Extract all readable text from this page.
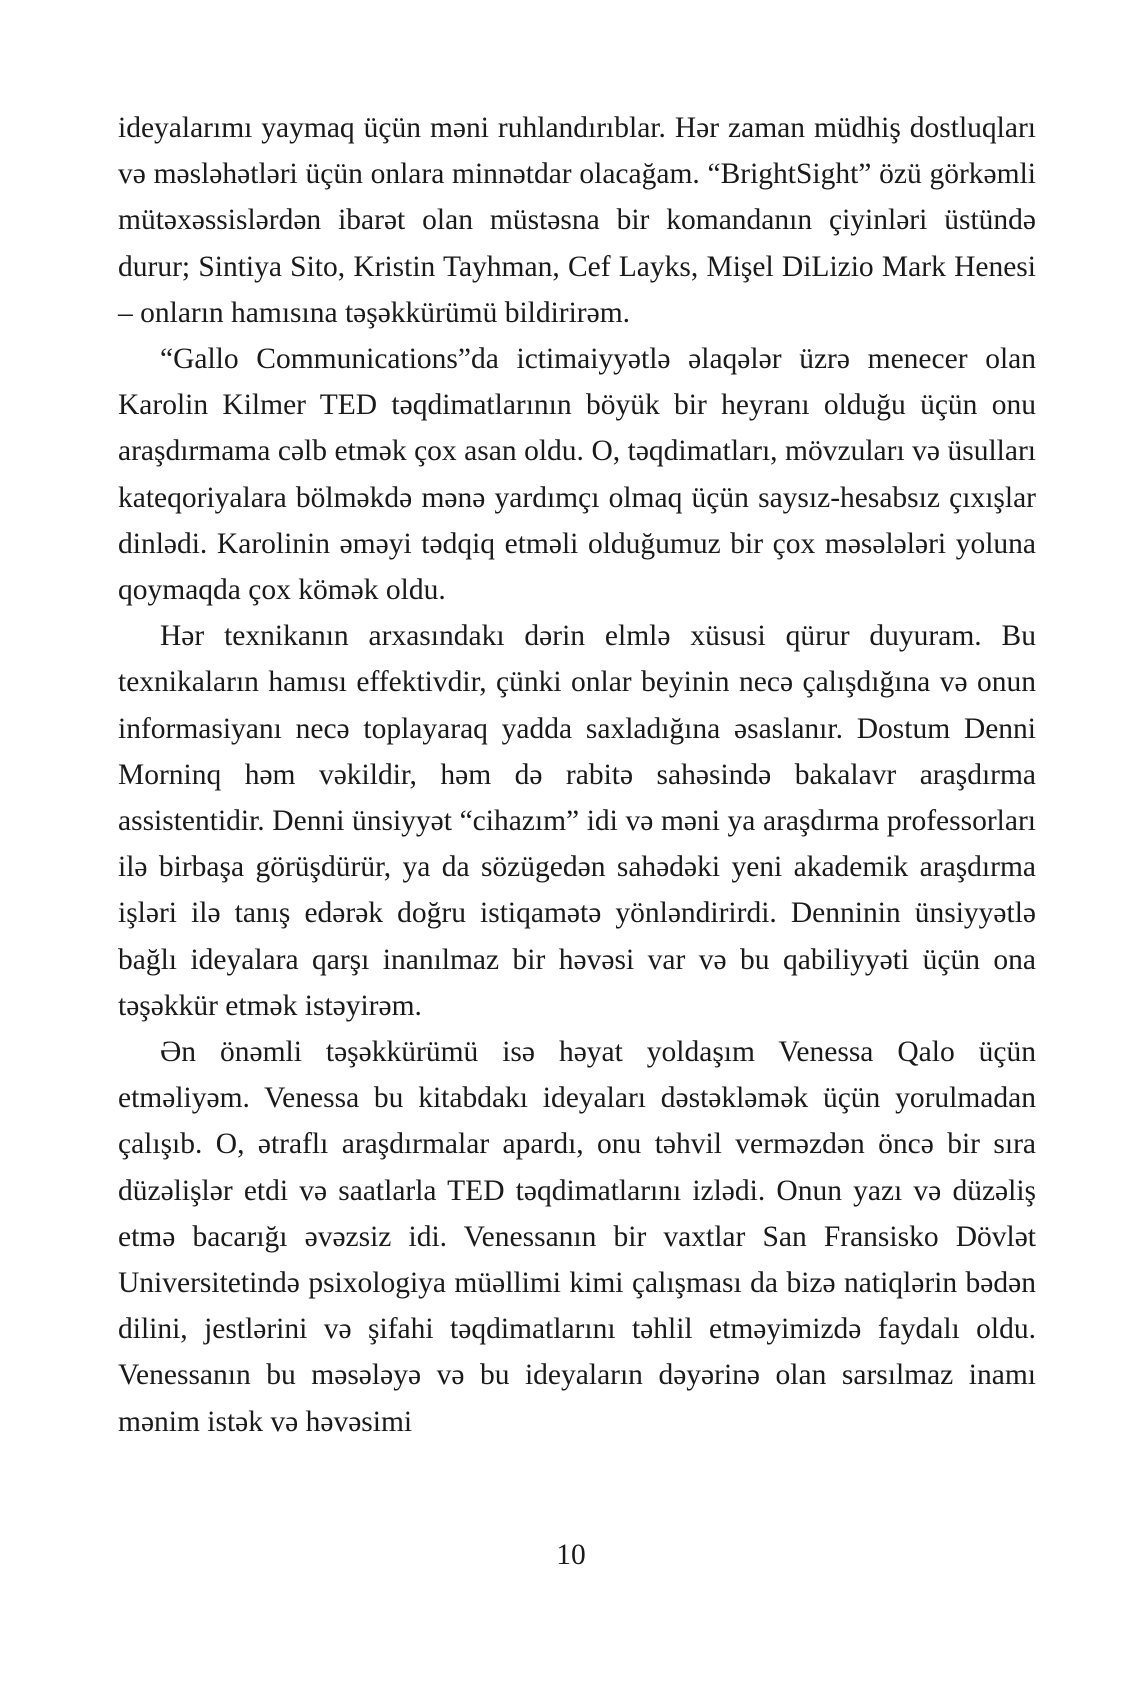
ideyalarımı yaymaq üçün məni ruhlandırıblar. Hər zaman müdhiş dostluqları və məsləhətləri üçün onlara minnətdar olacağam. “BrightSight” özü görkəmli mütəxəssislərdən ibarət olan müstəsna bir komandanın çiyinləri üstündə durur; Sintiya Sito, Kristin Tayhman, Cef Layks, Mişel DiLizio Mark Henesi – onların hamısına təşəkkürümü bildirirəm.

“Gallo Communications”da ictimaiyyətlə əlaqələr üzrə menecer olan Karolin Kilmer TED təqdimatlarının böyük bir heyranı olduğu üçün onu araşdırmama cəlb etmək çox asan oldu. O, təqdimatları, mövzuları və üsulları kateqoriyalara bölməkdə mənə yardımçı olmaq üçün saysız-hesabsız çıxışlar dinlədi. Karolinin əməyi tədqiq etməli olduğumuz bir çox məsələləri yoluna qoymaqda çox kömək oldu.

Hər texnikanın arxasındakı dərin elmlə xüsusi qürur duyuram. Bu texnikaların hamısı effektivdir, çünki onlar beyinin necə çalışdığına və onun informasiyanı necə toplayaraq yadda saxladığına əsaslanır. Dostum Denni Morninq həm vəkildir, həm də rabitə sahəsində bakalavr araşdırma assistentidir. Denni ünsiyyət “cihazım” idi və məni ya araşdırma professorları ilə birbaşa görüşdürür, ya da sözügedən sahədəki yeni akademik araşdırma işləri ilə tanış edərək doğru istiqamətə yönləndirirdi. Denninin ünsiyyətlə bağlı ideyalara qarşı inanılmaz bir həvəsi var və bu qabiliyyəti üçün ona təşəkkür etmək istəyirəm.

Ən önəmli təşəkkürümü isə həyat yoldaşım Venessa Qalo üçün etməliyəm. Venessa bu kitabdakı ideyaları dəstəkləmək üçün yorulmadan çalışıb. O, ətraflı araşdırmalar apardı, onu təhvil verməzdən öncə bir sıra düzəlişlər etdi və saatlarla TED təqdimatlarını izlədi. Onun yazı və düzəliş etmə bacarığı əvəzsiz idi. Venessanın bir vaxtlar San Fransisko Dövlət Universitetində psixologiya müəllimi kimi çalışması da bizə natiqlərin bədən dilini, jestlərini və şifahi təqdimatlarını təhlil etməyimizdə faydalı oldu. Venessanın bu məsələyə və bu ideyaların dəyərinə olan sarsılmaz inamı mənim istək və həvəsimi

10
